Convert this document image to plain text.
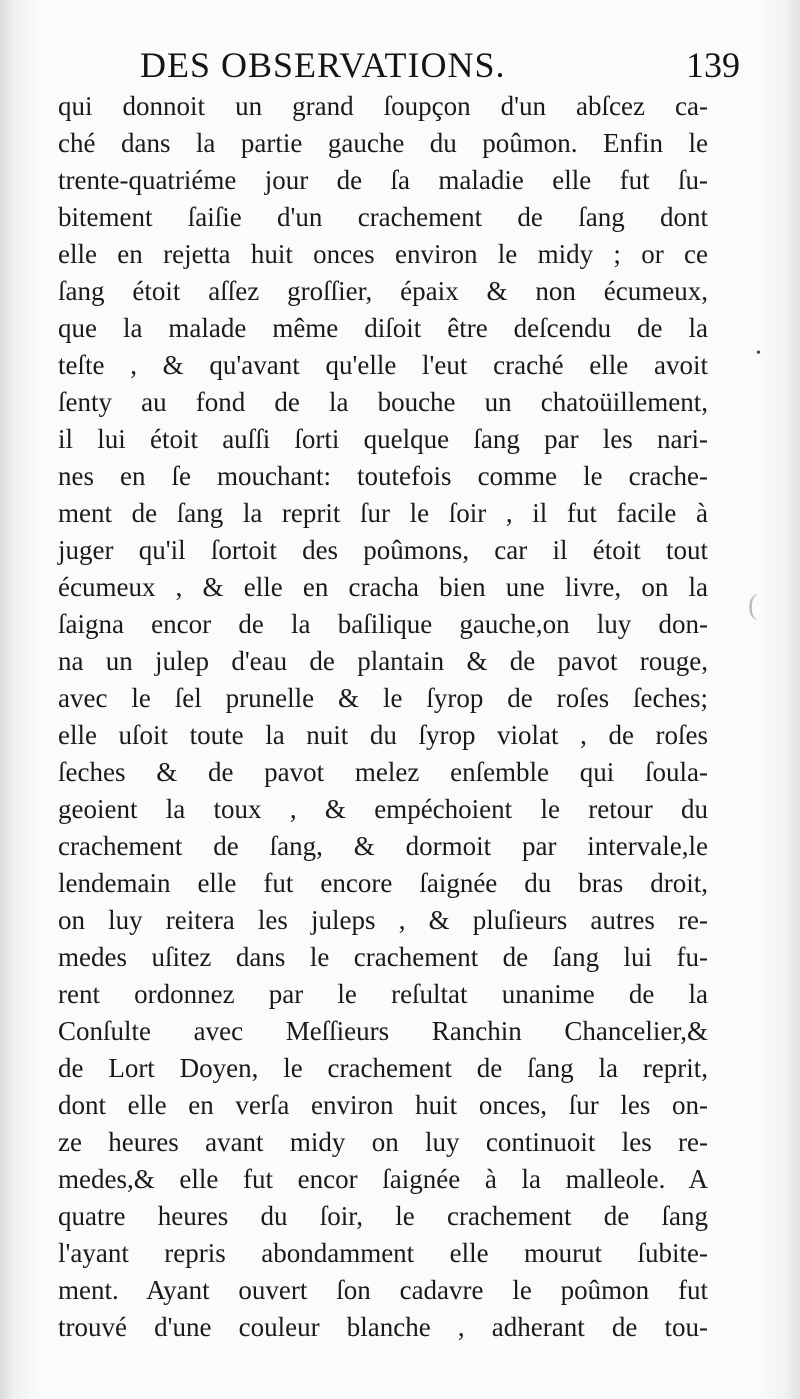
DES OBSERVATIONS.	139
qui donnoit un grand ſoupçon d'un abſcez ca-
ché dans la partie gauche du poûmon. Enfin le
trente-quatriéme jour de ſa maladie elle fut ſu-
bitement ſaiſie d'un crachement de ſang dont
elle en rejetta huit onces environ le midy ; or ce
ſang étoit aſſez groſſier, épaix & non écumeux,
que la malade même diſoit être deſcendu de la
teſte , & qu'avant qu'elle l'eut craché elle avoit
ſenty au fond de la bouche un chatoüillement,
il lui étoit auſſi ſorti quelque ſang par les nari-
nes en ſe mouchant: toutefois comme le crache-
ment de ſang la reprit ſur le ſoir , il fut facile à
juger qu'il ſortoit des poûmons, car il étoit tout
écumeux , & elle en cracha bien une livre, on la
ſaigna encor de la baſilique gauche,on luy don-
na un julep d'eau de plantain & de pavot rouge,
avec le ſel prunelle & le ſyrop de roſes ſeches;
elle uſoit toute la nuit du ſyrop violat , de roſes
ſeches & de pavot melez enſemble qui ſoula-
geoient la toux , & empéchoient le retour du
crachement de ſang, & dormoit par intervale,le
lendemain elle fut encore ſaignée du bras droit,
on luy reitera les juleps , & pluſieurs autres re-
medes uſitez dans le crachement de ſang lui fu-
rent ordonnez par le reſultat unanime de la
Conſulte avec Meſſieurs Ranchin Chancelier,&
de Lort Doyen, le crachement de ſang la reprit,
dont elle en verſa environ huit onces, ſur les on-
ze heures avant midy on luy continuoit les re-
medes,& elle fut encor ſaignée à la malleole. A
quatre heures du ſoir, le crachement de ſang
l'ayant repris abondamment elle mourut ſubite-
ment. Ayant ouvert ſon cadavre le poûmon fut
trouvé d'une couleur blanche , adherant de tou-
•
(
